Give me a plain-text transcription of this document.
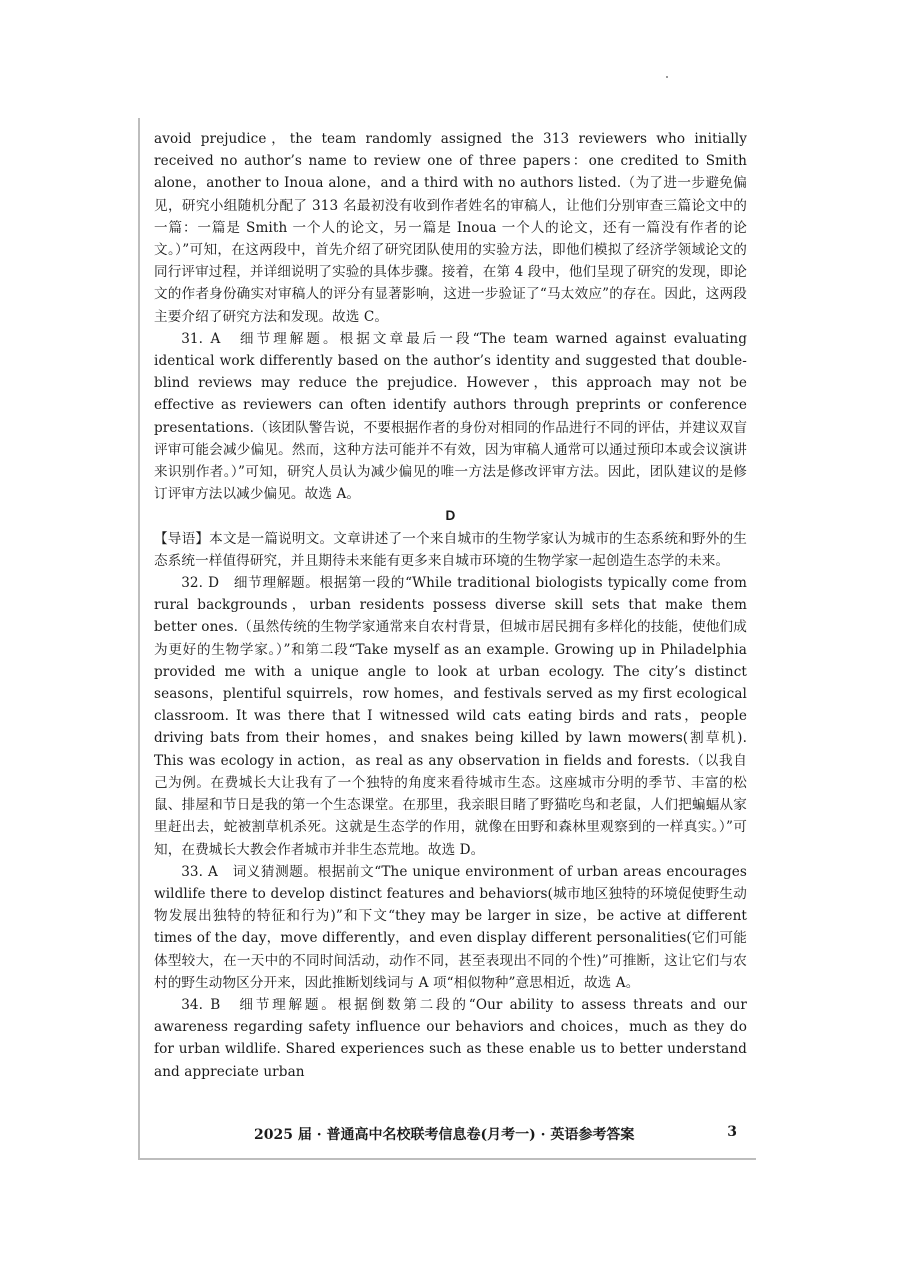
avoid prejudice，the team randomly assigned the 313 reviewers who initially received no author’s name to review one of three papers：one credited to Smith alone，another to Inoua alone，and a third with no authors listed.（为了进一步避免偏见，研究小组随机分配了 313 名最初没有收到作者姓名的审稿人，让他们分别审查三篇论文中的一篇：一篇是 Smith 一个人的论文，另一篇是 Inoua 一个人的论文，还有一篇没有作者的论文。）”可知，在这两段中，首先介绍了研究团队使用的实验方法，即他们模拟了经济学领域论文的同行评审过程，并详细说明了实验的具体步骤。接着，在第 4 段中，他们呈现了研究的发现，即论文的作者身份确实对审稿人的评分有显著影响，这进一步验证了“马太效应”的存在。因此，这两段主要介绍了研究方法和发现。故选 C。

31. A　细节理解题。根据文章最后一段“The team warned against evaluating identical work differently based on the author’s identity and suggested that double-blind reviews may reduce the prejudice. However，this approach may not be effective as reviewers can often identify authors through preprints or conference presentations.（该团队警告说，不要根据作者的身份对相同的作品进行不同的评估，并建议双盲评审可能会减少偏见。然而，这种方法可能并不有效，因为审稿人通常可以通过预印本或会议演讲来识别作者。）”可知，研究人员认为减少偏见的唯一方法是修改评审方法。因此，团队建议的是修订评审方法以减少偏见。故选 A。

D

【导语】本文是一篇说明文。文章讲述了一个来自城市的生物学家认为城市的生态系统和野外的生态系统一样值得研究，并且期待未来能有更多来自城市环境的生物学家一起创造生态学的未来。

32. D　细节理解题。根据第一段的“While traditional biologists typically come from rural backgrounds，urban residents possess diverse skill sets that make them better ones.（虽然传统的生物学家通常来自农村背景，但城市居民拥有多样化的技能，使他们成为更好的生物学家。）”和第二段“Take myself as an example. Growing up in Philadelphia provided me with a unique angle to look at urban ecology. The city’s distinct seasons，plentiful squirrels，row homes，and festivals served as my first ecological classroom. It was there that I witnessed wild cats eating birds and rats，people driving bats from their homes，and snakes being killed by lawn mowers(割草机). This was ecology in action，as real as any observation in fields and forests.（以我自己为例。在费城长大让我有了一个独特的角度来看待城市生态。这座城市分明的季节、丰富的松鼠、排屋和节日是我的第一个生态课堂。在那里，我亲眼目睹了野猫吃鸟和老鼠，人们把蝙蝠从家里赶出去，蛇被割草机杀死。这就是生态学的作用，就像在田野和森林里观察到的一样真实。）”可知，在费城长大教会作者城市并非生态荒地。故选 D。

33. A　词义猜测题。根据前文“The unique environment of urban areas encourages wildlife there to develop distinct features and behaviors(城市地区独特的环境促使野生动物发展出独特的特征和行为)”和下文“they may be larger in size，be active at different times of the day，move differently，and even display different personalities(它们可能体型较大，在一天中的不同时间活动，动作不同，甚至表现出不同的个性)”可推断，这让它们与农村的野生动物区分开来，因此推断划线词与 A 项“相似物种”意思相近，故选 A。

34. B　细节理解题。根据倒数第二段的“Our ability to assess threats and our awareness regarding safety influence our behaviors and choices，much as they do for urban wildlife. Shared experiences such as these enable us to better understand and appreciate urban

2025 届 · 普通高中名校联考信息卷(月考一) · 英语参考答案	3
